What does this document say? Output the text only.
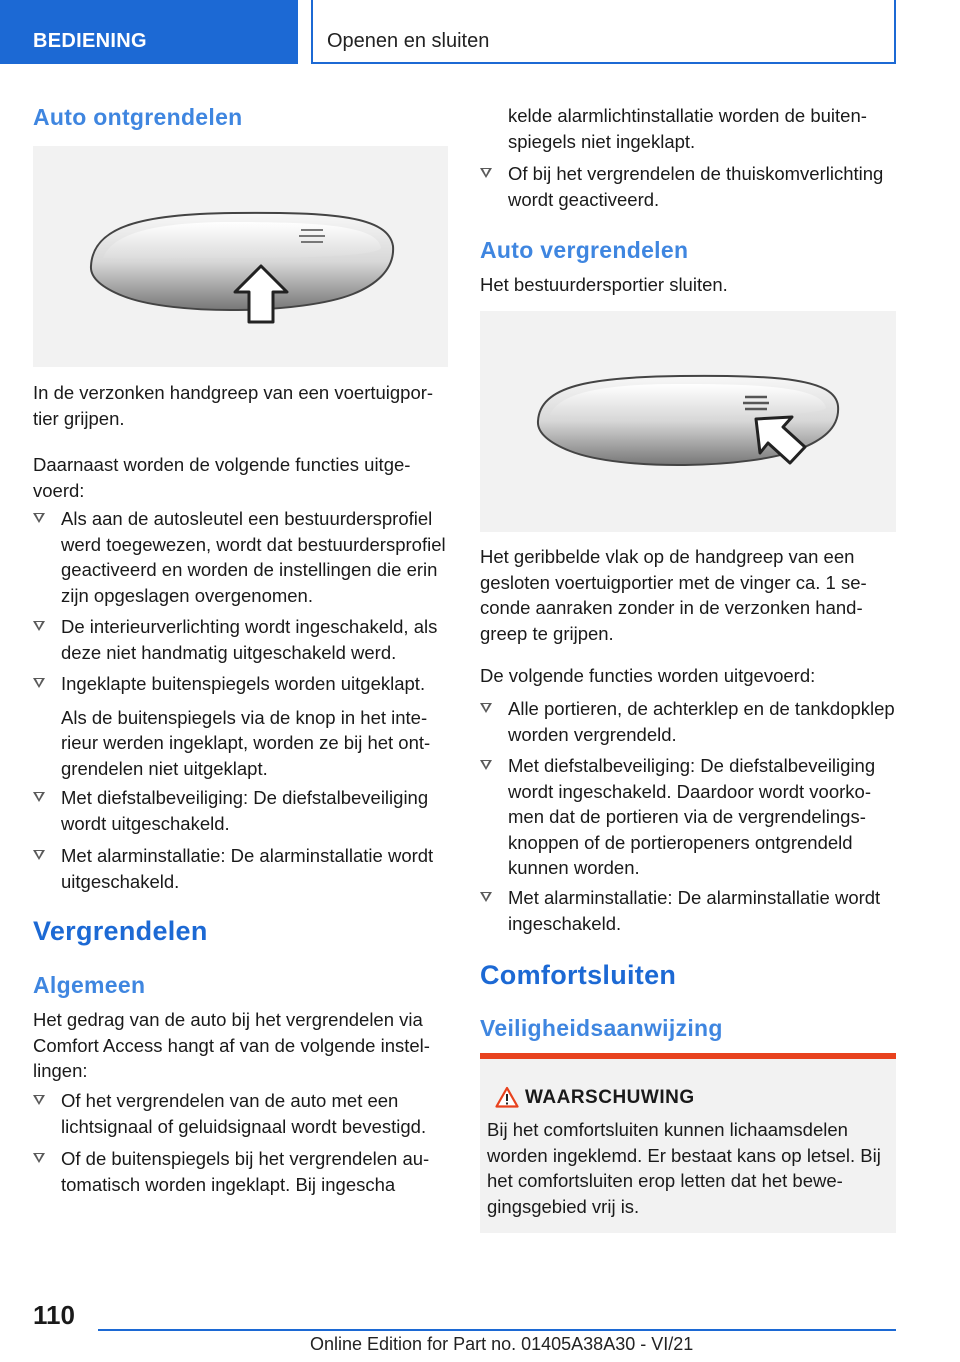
BEDIENING	Openen en sluiten
Auto ontgrendelen

In de verzonken handgreep van een voertuigportier grijpen.

Daarnaast worden de volgende functies uitgevoerd:

Als aan de autosleutel een bestuurdersprofiel werd toegewezen, wordt dat bestuurdersprofiel geactiveerd en worden de instellingen die erin zijn opgeslagen overgenomen.

De interieurverlichting wordt ingeschakeld, als deze niet handmatig uitgeschakeld werd.

Ingeklapte buitenspiegels worden uitgeklapt.

Als de buitenspiegels via de knop in het interieur werden ingeklapt, worden ze bij het ontgrendelen niet uitgeklapt.

Met diefstalbeveiliging: De diefstalbeveiliging wordt uitgeschakeld.

Met alarminstallatie: De alarminstallatie wordt uitgeschakeld.

Vergrendelen
Algemeen

Het gedrag van de auto bij het vergrendelen via Comfort Access hangt af van de volgende instellingen:

Of het vergrendelen van de auto met een lichtsignaal of geluidsignaal wordt bevestigd.

Of de buitenspiegels bij het vergrendelen automatisch worden ingeklapt. Bij ingescha

kelde alarmlichtinstallatie worden de buitenspiegels niet ingeklapt.

Of bij het vergrendelen de thuiskomverlichting wordt geactiveerd.

Auto vergrendelen

Het bestuurdersportier sluiten.

Het geribbelde vlak op de handgreep van een gesloten voertuigportier met de vinger ca. 1 seconde aanraken zonder in de verzonken handgreep te grijpen.

De volgende functies worden uitgevoerd:

Alle portieren, de achterklep en de tankdopklep worden vergrendeld.

Met diefstalbeveiliging: De diefstalbeveiliging wordt ingeschakeld. Daardoor wordt voorkomen dat de portieren via de vergrendelingsknoppen of de portieropeners ontgrendeld kunnen worden.

Met alarminstallatie: De alarminstallatie wordt ingeschakeld.

Comfortsluiten
Veiligheidsaanwijzing
WAARSCHUWING

Bij het comfortsluiten kunnen lichaamsdelen worden ingeklemd. Er bestaat kans op letsel. Bij het comfortsluiten erop letten dat het bewegingsgebied vrij is.

110
Online Edition for Part no. 01405A38A30 - VI/21
